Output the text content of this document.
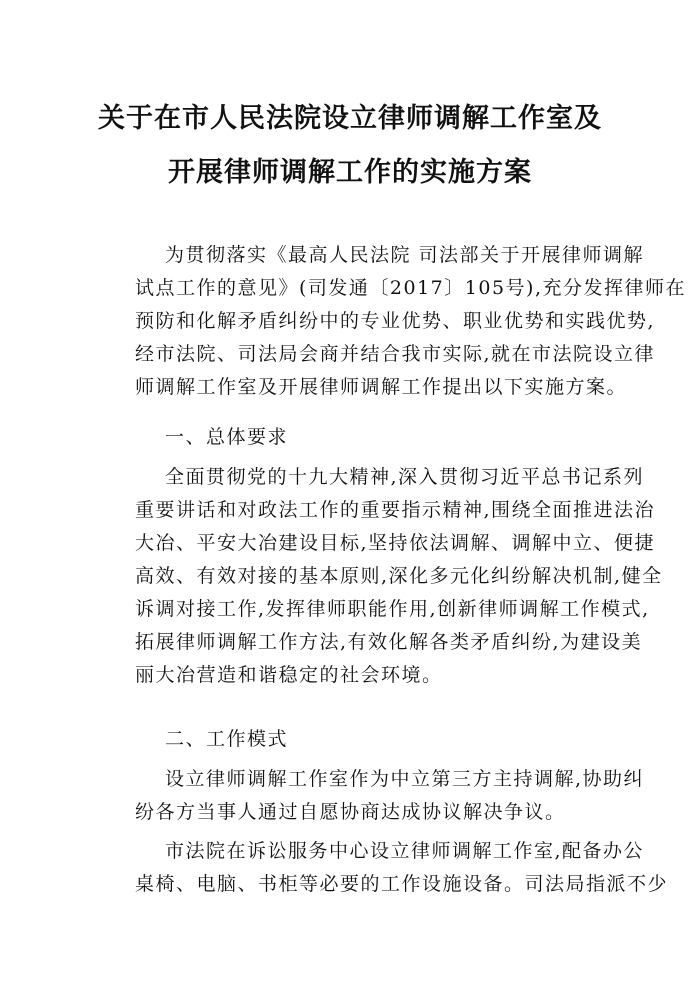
关于在市人民法院设立律师调解工作室及
开展律师调解工作的实施方案
为贯彻落实《最高人民法院 司法部关于开展律师调解
试点工作的意见》(司发通〔2017〕105号),充分发挥律师在
预防和化解矛盾纠纷中的专业优势、职业优势和实践优势,
经市法院、司法局会商并结合我市实际,就在市法院设立律
师调解工作室及开展律师调解工作提出以下实施方案。
一、总体要求
全面贯彻党的十九大精神,深入贯彻习近平总书记系列
重要讲话和对政法工作的重要指示精神,围绕全面推进法治
大冶、平安大冶建设目标,坚持依法调解、调解中立、便捷
高效、有效对接的基本原则,深化多元化纠纷解决机制,健全
诉调对接工作,发挥律师职能作用,创新律师调解工作模式,
拓展律师调解工作方法,有效化解各类矛盾纠纷,为建设美
丽大冶营造和谐稳定的社会环境。
二、工作模式
设立律师调解工作室作为中立第三方主持调解,协助纠
纷各方当事人通过自愿协商达成协议解决争议。
市法院在诉讼服务中心设立律师调解工作室,配备办公
桌椅、电脑、书柜等必要的工作设施设备。司法局指派不少
